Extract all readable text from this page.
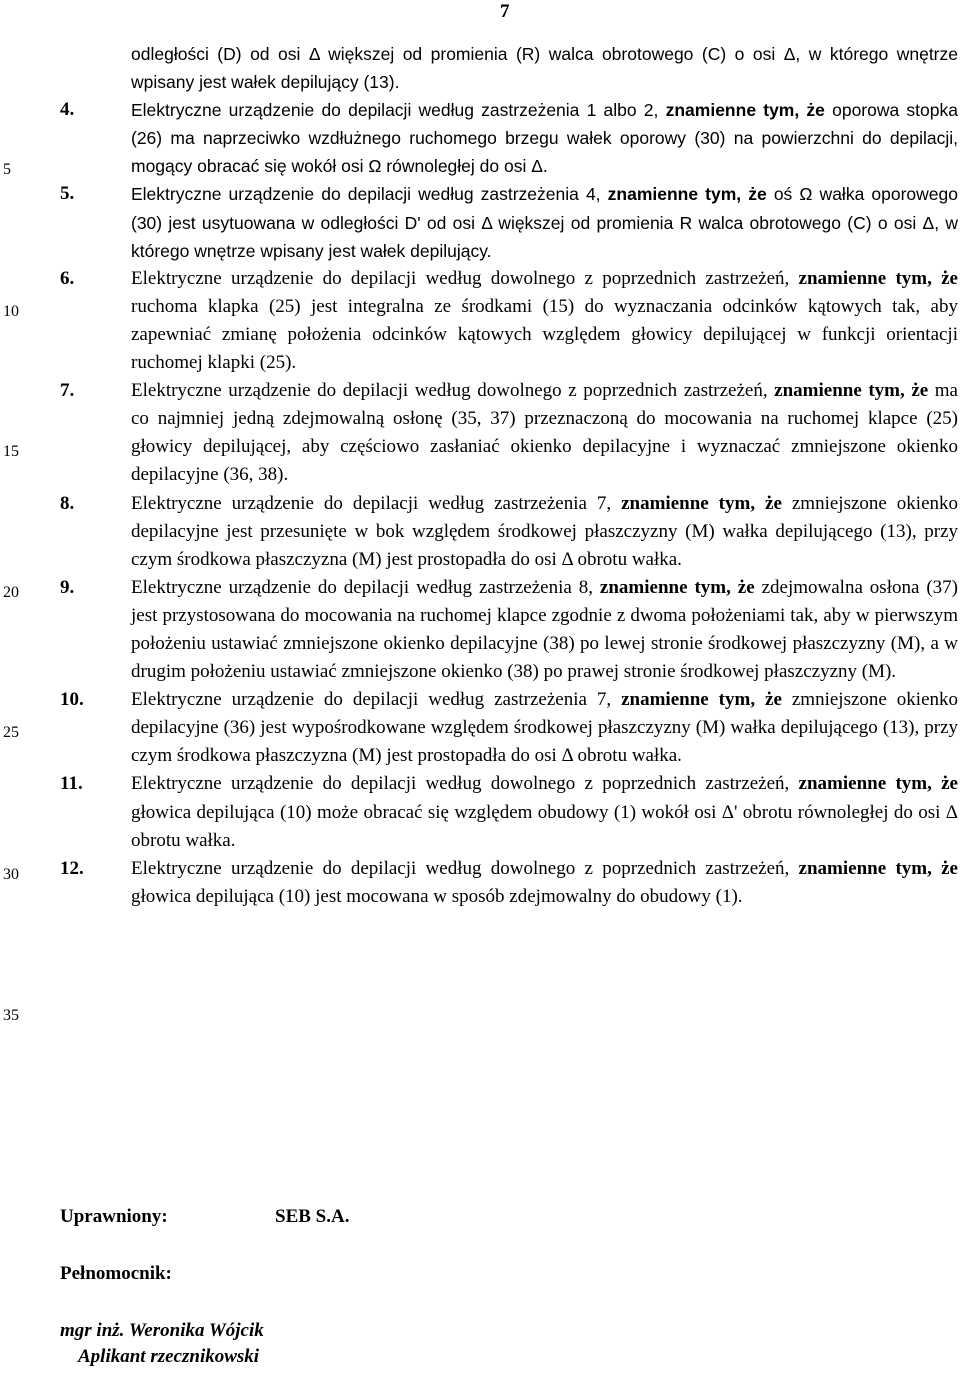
7
5
10
15
20
25
30
35
odległości (D) od osi Δ większej od promienia (R) walca obrotowego (C) o osi Δ, w którego wnętrze wpisany jest wałek depilujący (13).
4.	Elektryczne urządzenie do depilacji według zastrzeżenia 1 albo 2, znamienne tym, że oporowa stopka (26) ma naprzeciwko wzdłużnego ruchomego brzegu wałek oporowy (30) na powierzchni do depilacji, mogący obracać się wokół osi Ω równoległej do osi Δ.
5.	Elektryczne urządzenie do depilacji według zastrzeżenia 4, znamienne tym, że oś Ω wałka oporowego (30) jest usytuowana w odległości D' od osi Δ większej od promienia R walca obrotowego (C) o osi Δ, w którego wnętrze wpisany jest wałek depilujący.
6.	Elektryczne urządzenie do depilacji według dowolnego z poprzednich zastrzeżeń, znamienne tym, że ruchoma klapka (25) jest integralna ze środkami (15) do wyznaczania odcinków kątowych tak, aby zapewniać zmianę położenia odcinków kątowych względem głowicy depilującej w funkcji orientacji ruchomej klapki (25).
7.	Elektryczne urządzenie do depilacji według dowolnego z poprzednich zastrzeżeń, znamienne tym, że ma co najmniej jedną zdejmowalną osłonę (35, 37) przeznaczoną do mocowania na ruchomej klapce (25) głowicy depilującej, aby częściowo zasłaniać okienko depilacyjne i wyznaczać zmniejszone okienko depilacyjne (36, 38).
8.	Elektryczne urządzenie do depilacji według zastrzeżenia 7, znamienne tym, że zmniejszone okienko depilacyjne jest przesunięte w bok względem środkowej płaszczyzny (M) wałka depilującego (13), przy czym środkowa płaszczyzna (M) jest prostopadła do osi Δ obrotu wałka.
9.	Elektryczne urządzenie do depilacji według zastrzeżenia 8, znamienne tym, że zdejmowalna osłona (37) jest przystosowana do mocowania na ruchomej klapce zgodnie z dwoma położeniami tak, aby w pierwszym położeniu ustawiać zmniejszone okienko depilacyjne (38) po lewej stronie środkowej płaszczyzny (M), a w drugim położeniu ustawiać zmniejszone okienko (38) po prawej stronie środkowej płaszczyzny (M).
10.	Elektryczne urządzenie do depilacji według zastrzeżenia 7, znamienne tym, że zmniejszone okienko depilacyjne (36) jest wypośrodkowane względem środkowej płaszczyzny (M) wałka depilującego (13), przy czym środkowa płaszczyzna (M) jest prostopadła do osi Δ obrotu wałka.
11.	Elektryczne urządzenie do depilacji według dowolnego z poprzednich zastrzeżeń, znamienne tym, że głowica depilująca (10) może obracać się względem obudowy (1) wokół osi Δ' obrotu równoległej do osi Δ obrotu wałka.
12.	Elektryczne urządzenie do depilacji według dowolnego z poprzednich zastrzeżeń, znamienne tym, że głowica depilująca (10) jest mocowana w sposób zdejmowalny do obudowy (1).
Uprawniony:	SEB S.A.
Pełnomocnik:
mgr inż. Weronika Wójcik
Aplikant rzecznikowski
